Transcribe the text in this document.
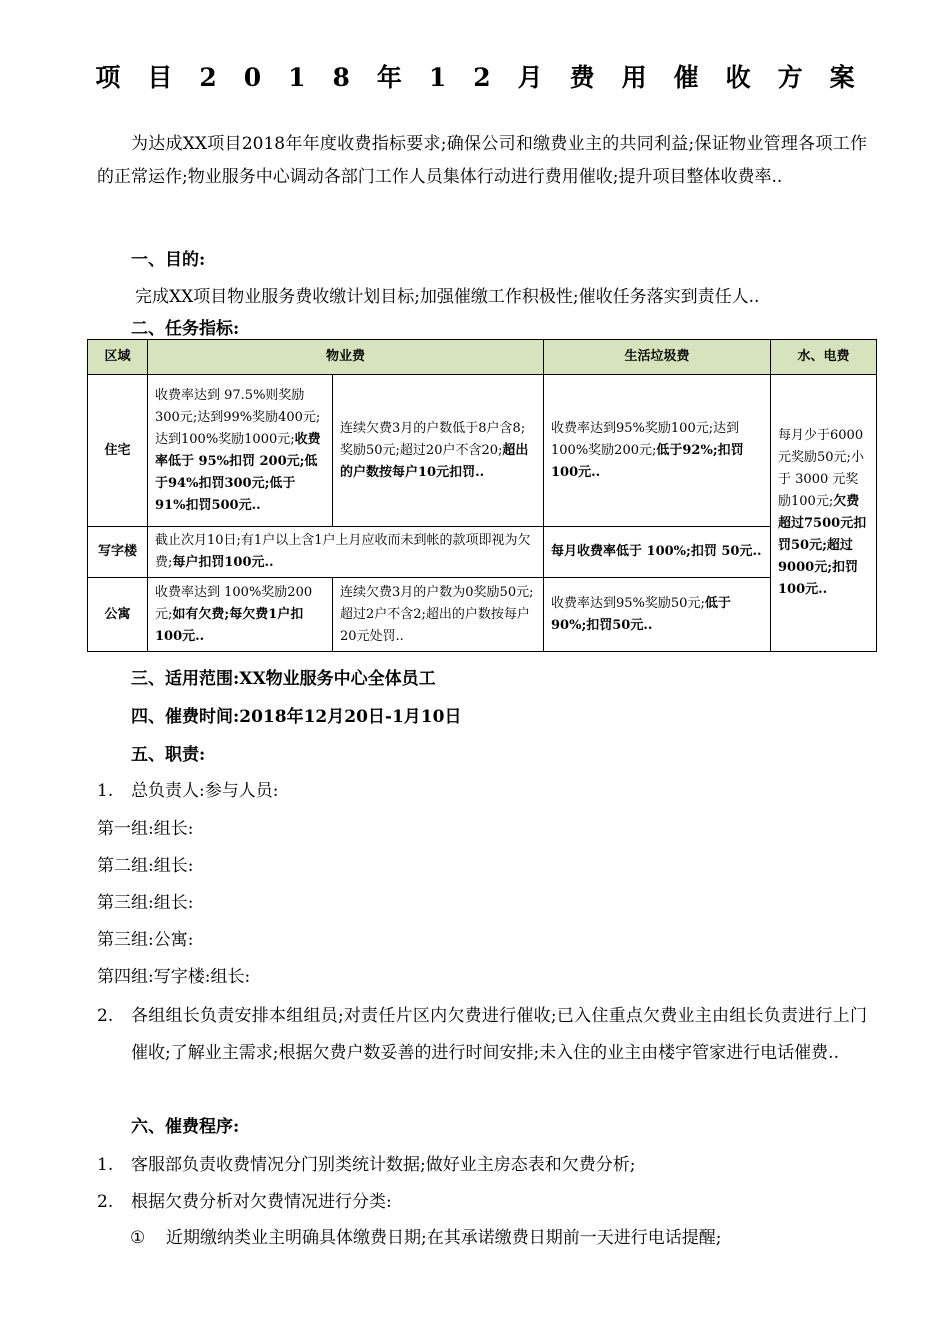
项目2018年12月费用催收方案
为达成XX项目2018年年度收费指标要求;确保公司和缴费业主的共同利益;保证物业管理各项工作的正常运作;物业服务中心调动各部门工作人员集体行动进行费用催收;提升项目整体收费率..
一、目的:
完成XX项目物业服务费收缴计划目标;加强催缴工作积极性;催收任务落实到责任人..
二、任务指标:
区域	物业费		生活垃圾费	水、电费
住宅	收费率达到 97.5%则奖励300元;达到99%奖励400元;达到100%奖励1000元;收费率低于 95%扣罚 200元;低于94%扣罚300元;低于91%扣罚500元..	连续欠费3月的户数低于8户含8;奖励50元;超过20户不含20;超出的户数按每户10元扣罚..	收费率达到95%奖励100元;达到100%奖励200元;低于92%;扣罚100元..	每月少于6000元奖励50元;小于 3000 元奖励100元;欠费超过7500元扣罚50元;超过9000元;扣罚100元..
写字楼	截止次月10日;有1户以上含1户上月应收而未到帐的款项即视为欠费;每户扣罚100元..		每月收费率低于 100%;扣罚 50元..	
公寓	收费率达到 100%奖励200元;如有欠费;每欠费1户扣100元..	连续欠费3月的户数为0奖励50元;超过2户不含2;超出的户数按每户20元处罚..	收费率达到95%奖励50元;低于90%;扣罚50元..	
三、适用范围:XX物业服务中心全体员工
四、催费时间:2018年12月20日-1月10日
五、职责:
1. 总负责人:参与人员:
第一组:组长:
第二组:组长:
第三组:组长:
第三组:公寓:
第四组:写字楼:组长:
2. 各组组长负责安排本组组员;对责任片区内欠费进行催收;已入住重点欠费业主由组长负责进行上门催收;了解业主需求;根据欠费户数妥善的进行时间安排;未入住的业主由楼宇管家进行电话催费..
六、催费程序:
1. 客服部负责收费情况分门别类统计数据;做好业主房态表和欠费分析;
2. 根据欠费分析对欠费情况进行分类:
① 近期缴纳类业主明确具体缴费日期;在其承诺缴费日期前一天进行电话提醒;
